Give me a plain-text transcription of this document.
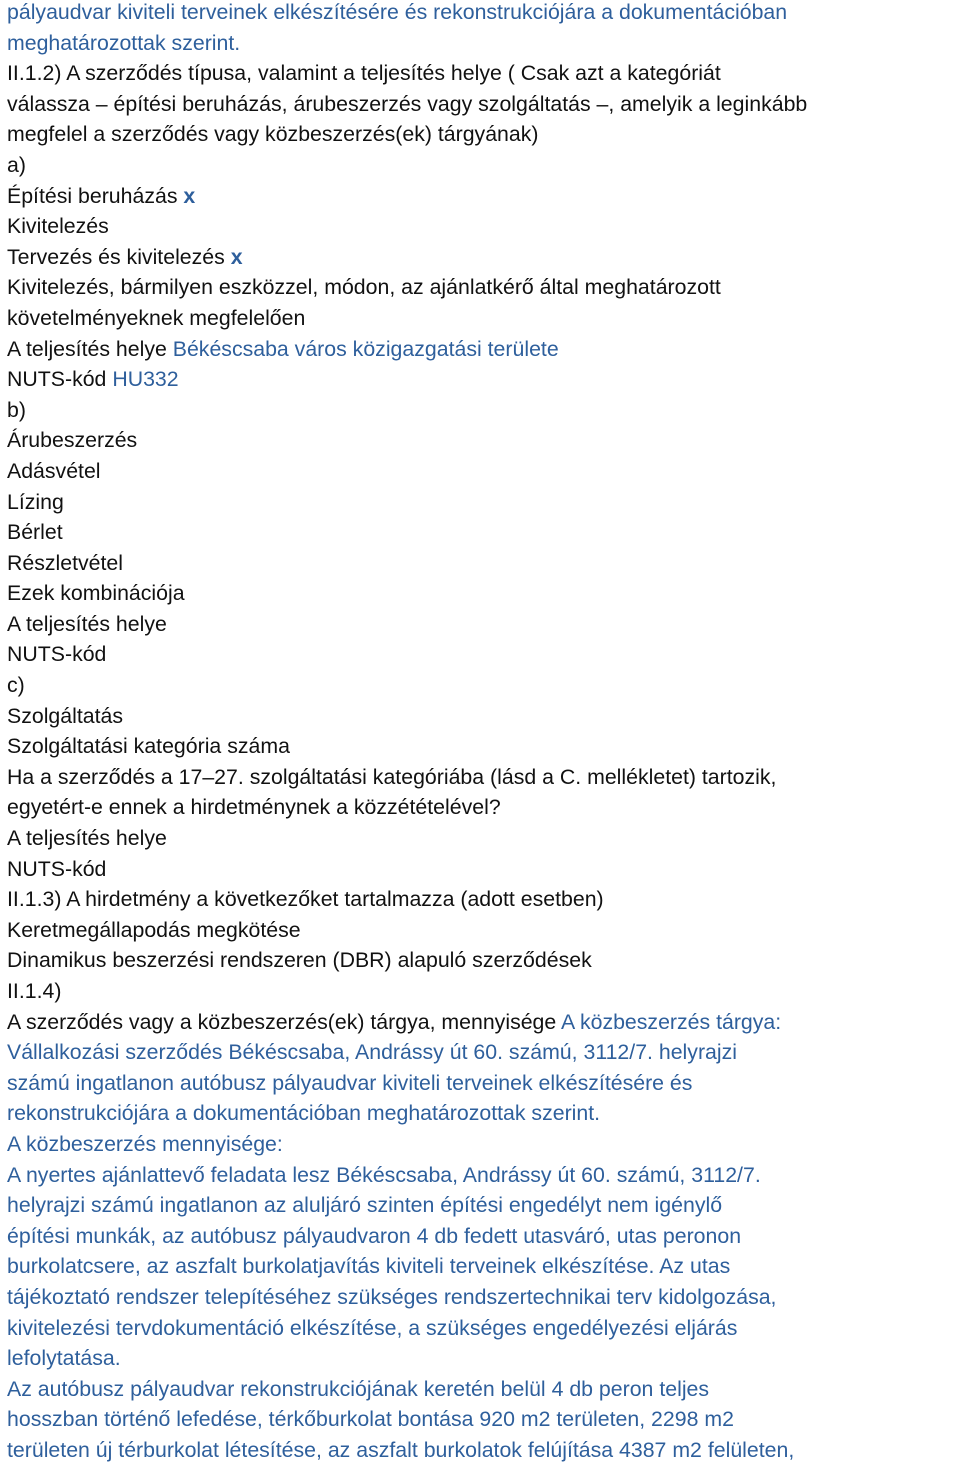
pályaudvar kiviteli terveinek elkészítésére és rekonstrukciójára a dokumentációban
meghatározottak szerint.
II.1.2) A szerződés típusa, valamint a teljesítés helye ( Csak azt a kategóriát
válassza – építési beruházás, árubeszerzés vagy szolgáltatás –, amelyik a leginkább
megfelel a szerződés vagy közbeszerzés(ek) tárgyának)
a)
Építési beruházás x
Kivitelezés
Tervezés és kivitelezés x
Kivitelezés, bármilyen eszközzel, módon, az ajánlatkérő által meghatározott
követelményeknek megfelelően
A teljesítés helye Békéscsaba város közigazgatási területe
NUTS-kód HU332
b)
Árubeszerzés
Adásvétel
Lízing
Bérlet
Részletvétel
Ezek kombinációja
A teljesítés helye
NUTS-kód
c)
Szolgáltatás
Szolgáltatási kategória száma
Ha a szerződés a 17–27. szolgáltatási kategóriába (lásd a C. mellékletet) tartozik,
egyetért-e ennek a hirdetménynek a közzétételével?
A teljesítés helye
NUTS-kód
II.1.3) A hirdetmény a következőket tartalmazza (adott esetben)
Keretmegállapodás megkötése
Dinamikus beszerzési rendszeren (DBR) alapuló szerződések
II.1.4)
A szerződés vagy a közbeszerzés(ek) tárgya, mennyisége A közbeszerzés tárgya:
Vállalkozási szerződés Békéscsaba, Andrássy út 60. számú, 3112/7. helyrajzi
számú ingatlanon autóbusz pályaudvar kiviteli terveinek elkészítésére és
rekonstrukciójára a dokumentációban meghatározottak szerint.
A közbeszerzés mennyisége:
A nyertes ajánlattevő feladata lesz Békéscsaba, Andrássy út 60. számú, 3112/7.
helyrajzi számú ingatlanon az aluljáró szinten építési engedélyt nem igénylő
építési munkák, az autóbusz pályaudvaron 4 db fedett utasváró, utas peronon
burkolatcsere, az aszfalt burkolatjavítás kiviteli terveinek elkészítése. Az utas
tájékoztató rendszer telepítéséhez szükséges rendszertechnikai terv kidolgozása,
kivitelezési tervdokumentáció elkészítése, a szükséges engedélyezési eljárás
lefolytatása.
Az autóbusz pályaudvar rekonstrukciójának keretén belül 4 db peron teljes
hosszban történő lefedése, térkőburkolat bontása 920 m2 területen, 2298 m2
területen új térburkolat létesítése, az aszfalt burkolatok felújítása 4387 m2 felületen,
